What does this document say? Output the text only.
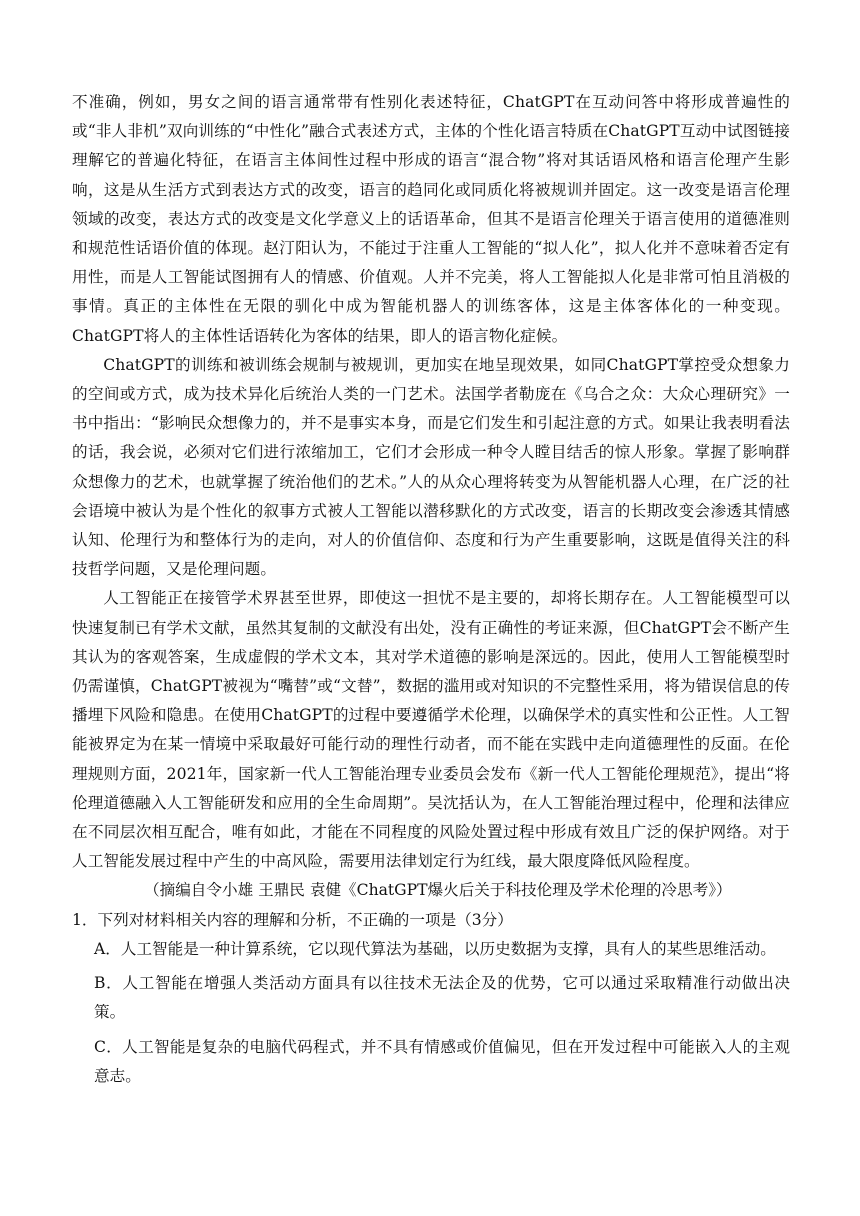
不准确，例如，男女之间的语言通常带有性别化表述特征，ChatGPT在互动问答中将形成普遍性的或“非人非机”双向训练的“中性化”融合式表述方式，主体的个性化语言特质在ChatGPT互动中试图链接理解它的普遍化特征，在语言主体间性过程中形成的语言“混合物”将对其话语风格和语言伦理产生影响，这是从生活方式到表达方式的改变，语言的趋同化或同质化将被规训并固定。这一改变是语言伦理领域的改变，表达方式的改变是文化学意义上的话语革命，但其不是语言伦理关于语言使用的道德准则和规范性话语价值的体现。赵汀阳认为，不能过于注重人工智能的“拟人化”，拟人化并不意味着否定有用性，而是人工智能试图拥有人的情感、价值观。人并不完美，将人工智能拟人化是非常可怕且消极的事情。真正的主体性在无限的驯化中成为智能机器人的训练客体，这是主体客体化的一种变现。ChatGPT将人的主体性话语转化为客体的结果，即人的语言物化症候。

ChatGPT的训练和被训练会规制与被规训，更加实在地呈现效果，如同ChatGPT掌控受众想象力的空间或方式，成为技术异化后统治人类的一门艺术。法国学者勒庞在《乌合之众：大众心理研究》一书中指出：“影响民众想像力的，并不是事实本身，而是它们发生和引起注意的方式。如果让我表明看法的话，我会说，必须对它们进行浓缩加工，它们才会形成一种令人瞠目结舌的惊人形象。掌握了影响群众想像力的艺术，也就掌握了统治他们的艺术。”人的从众心理将转变为从智能机器人心理，在广泛的社会语境中被认为是个性化的叙事方式被人工智能以潜移默化的方式改变，语言的长期改变会渗透其情感认知、伦理行为和整体行为的走向，对人的价值信仰、态度和行为产生重要影响，这既是值得关注的科技哲学问题，又是伦理问题。

人工智能正在接管学术界甚至世界，即使这一担忧不是主要的，却将长期存在。人工智能模型可以快速复制已有学术文献，虽然其复制的文献没有出处，没有正确性的考证来源，但ChatGPT会不断产生其认为的客观答案，生成虚假的学术文本，其对学术道德的影响是深远的。因此，使用人工智能模型时仍需谨慎，ChatGPT被视为“嘴替”或“文替”，数据的滥用或对知识的不完整性采用，将为错误信息的传播埋下风险和隐患。在使用ChatGPT的过程中要遵循学术伦理，以确保学术的真实性和公正性。人工智能被界定为在某一情境中采取最好可能行动的理性行动者，而不能在实践中走向道德理性的反面。在伦理规则方面，2021年，国家新一代人工智能治理专业委员会发布《新一代人工智能伦理规范》，提出“将伦理道德融入人工智能研发和应用的全生命周期”。吴沈括认为，在人工智能治理过程中，伦理和法律应在不同层次相互配合，唯有如此，才能在不同程度的风险处置过程中形成有效且广泛的保护网络。对于人工智能发展过程中产生的中高风险，需要用法律划定行为红线，最大限度降低风险程度。

（摘编自令小雄 王鼎民 袁健《ChatGPT爆火后关于科技伦理及学术伦理的冷思考》）

1．下列对材料相关内容的理解和分析，不正确的一项是（3分）

A．人工智能是一种计算系统，它以现代算法为基础，以历史数据为支撑，具有人的某些思维活动。

B．人工智能在增强人类活动方面具有以往技术无法企及的优势，它可以通过采取精准行动做出决策。

C．人工智能是复杂的电脑代码程式，并不具有情感或价值偏见，但在开发过程中可能嵌入人的主观意志。
